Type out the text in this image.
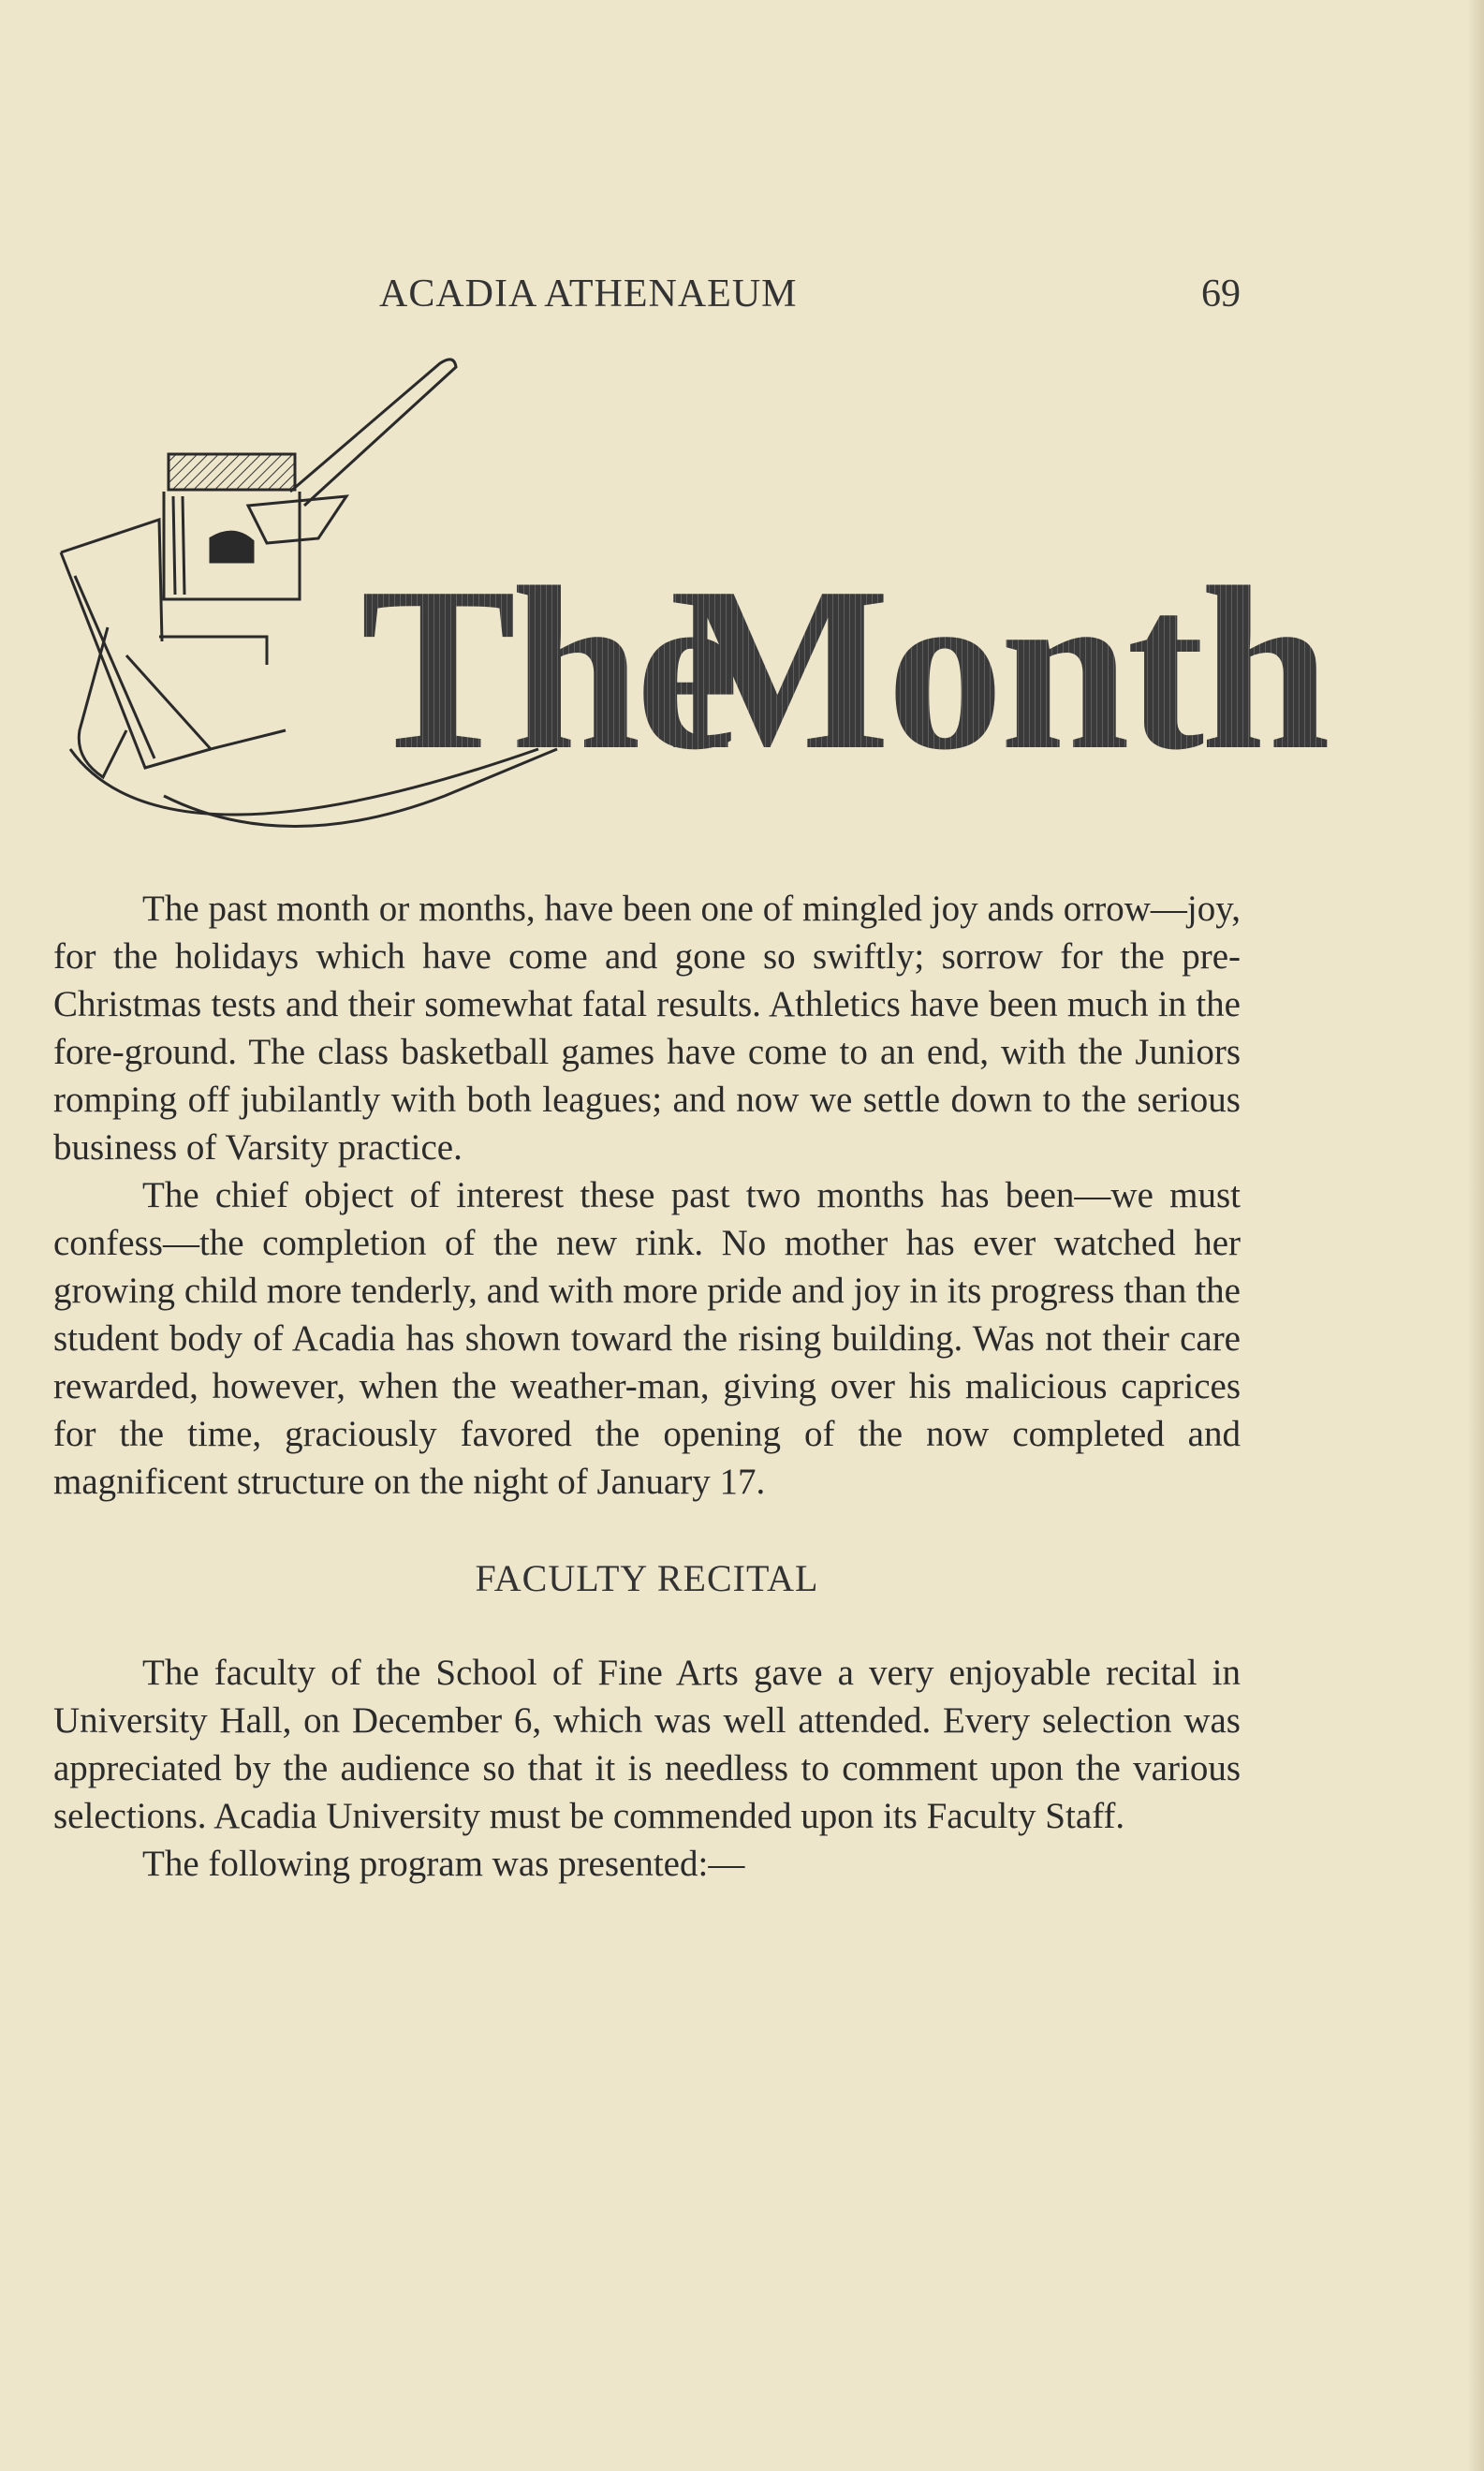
ACADIA ATHENAEUM	69
The
Month

The past month or months, have been one of mingled joy ands orrow—joy, for the holidays which have come and gone so swiftly; sorrow for the pre-Christmas tests and their somewhat fatal results. Athletics have been much in the fore-ground. The class basketball games have come to an end, with the Juniors romping off jubilantly with both leagues; and now we settle down to the serious business of Varsity practice.

The chief object of interest these past two months has been—we must confess—the completion of the new rink. No mother has ever watched her growing child more tenderly, and with more pride and joy in its progress than the student body of Acadia has shown toward the rising building. Was not their care rewarded, however, when the weather-man, giving over his malicious caprices for the time, graciously favored the opening of the now completed and magnificent structure on the night of January 17.

FACULTY RECITAL

The faculty of the School of Fine Arts gave a very enjoyable recital in University Hall, on December 6, which was well attended. Every selection was appreciated by the audience so that it is needless to comment upon the various selections. Acadia University must be commended upon its Faculty Staff.

The following program was presented:—
